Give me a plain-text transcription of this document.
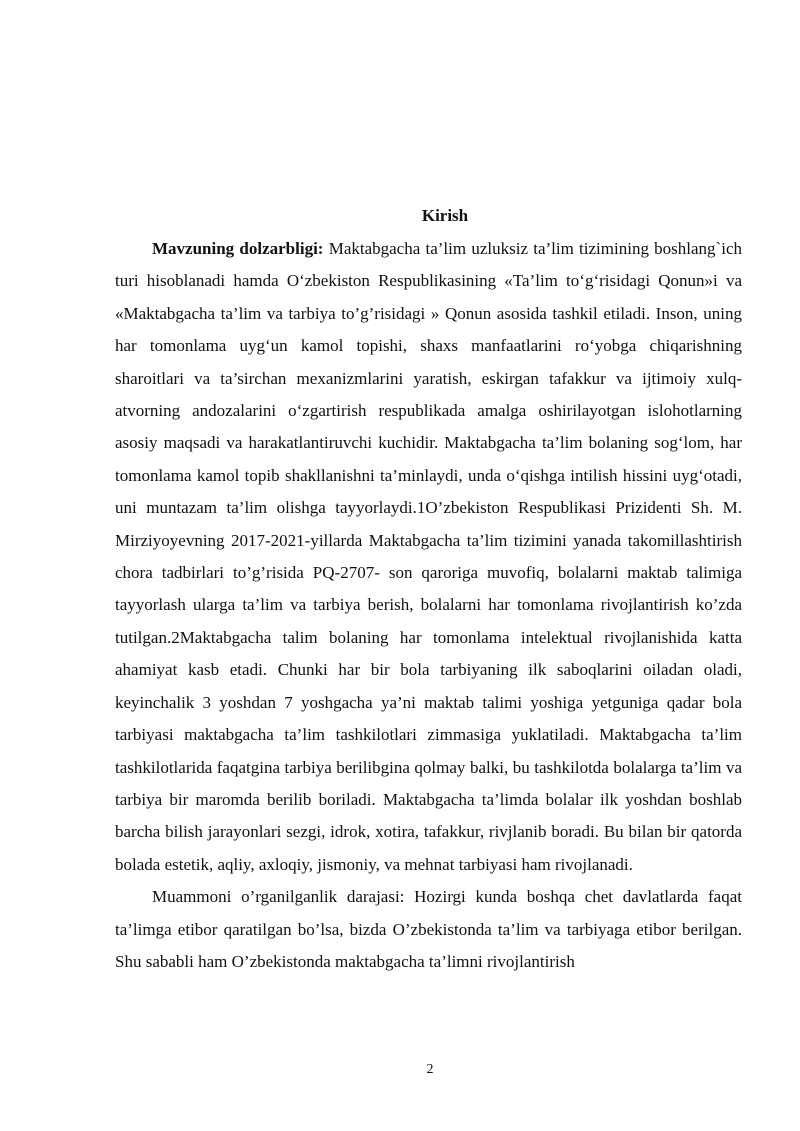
Kirish

Mavzuning dolzarbligi: Maktabgacha ta’lim uzluksiz ta’lim tizimining boshlang`ich turi hisoblanadi hamda O‘zbekiston Respublikasining «Ta’lim to‘g‘risidagi Qonun»i va «Maktabgacha ta’lim va tarbiya to’g’risidagi » Qonun asosida tashkil etiladi. Inson, uning har tomonlama uyg‘un kamol topishi, shaxs manfaatlarini ro‘yobga chiqarishning sharoitlari va ta’sirchan mexanizmlarini yaratish, eskirgan tafakkur va ijtimoiy xulq-atvorning andozalarini o‘zgartirish respublikada amalga oshirilayotgan islohotlarning asosiy maqsadi va harakatlantiruvchi kuchidir. Maktabgacha ta’lim bolaning sog‘lom, har tomonlama kamol topib shakllanishni ta’minlaydi, unda o‘qishga intilish hissini uyg‘otadi, uni muntazam ta’lim olishga tayyorlaydi.1O’zbekiston Respublikasi Prizidenti Sh. M. Mirziyoyevning 2017-2021-yillarda Maktabgacha ta’lim tizimini yanada takomillashtirish chora tadbirlari to’g’risida PQ-2707- son qaroriga muvofiq, bolalarni maktab talimiga tayyorlash ularga ta’lim va tarbiya berish, bolalarni har tomonlama rivojlantirish ko’zda tutilgan.2Maktabgacha talim bolaning har tomonlama intelektual rivojlanishida katta ahamiyat kasb etadi. Chunki har bir bola tarbiyaning ilk saboqlarini oiladan oladi, keyinchalik 3 yoshdan 7 yoshgacha ya’ni maktab talimi yoshiga yetguniga qadar bola tarbiyasi maktabgacha ta’lim tashkilotlari zimmasiga yuklatiladi. Maktabgacha ta’lim tashkilotlarida faqatgina tarbiya berilibgina qolmay balki, bu tashkilotda bolalarga ta’lim va tarbiya bir maromda berilib boriladi. Maktabgacha ta’limda bolalar ilk yoshdan boshlab barcha bilish jarayonlari sezgi, idrok, xotira, tafakkur, rivjlanib boradi. Bu bilan bir qatorda bolada estetik, aqliy, axloqiy, jismoniy, va mehnat tarbiyasi ham rivojlanadi.

Muammoni o’rganilganlik darajasi: Hozirgi kunda boshqa chet davlatlarda faqat ta’limga etibor qaratilgan bo’lsa, bizda O’zbekistonda ta’lim va tarbiyaga etibor berilgan. Shu sababli ham O’zbekistonda maktabgacha ta’limni rivojlantirish

2
